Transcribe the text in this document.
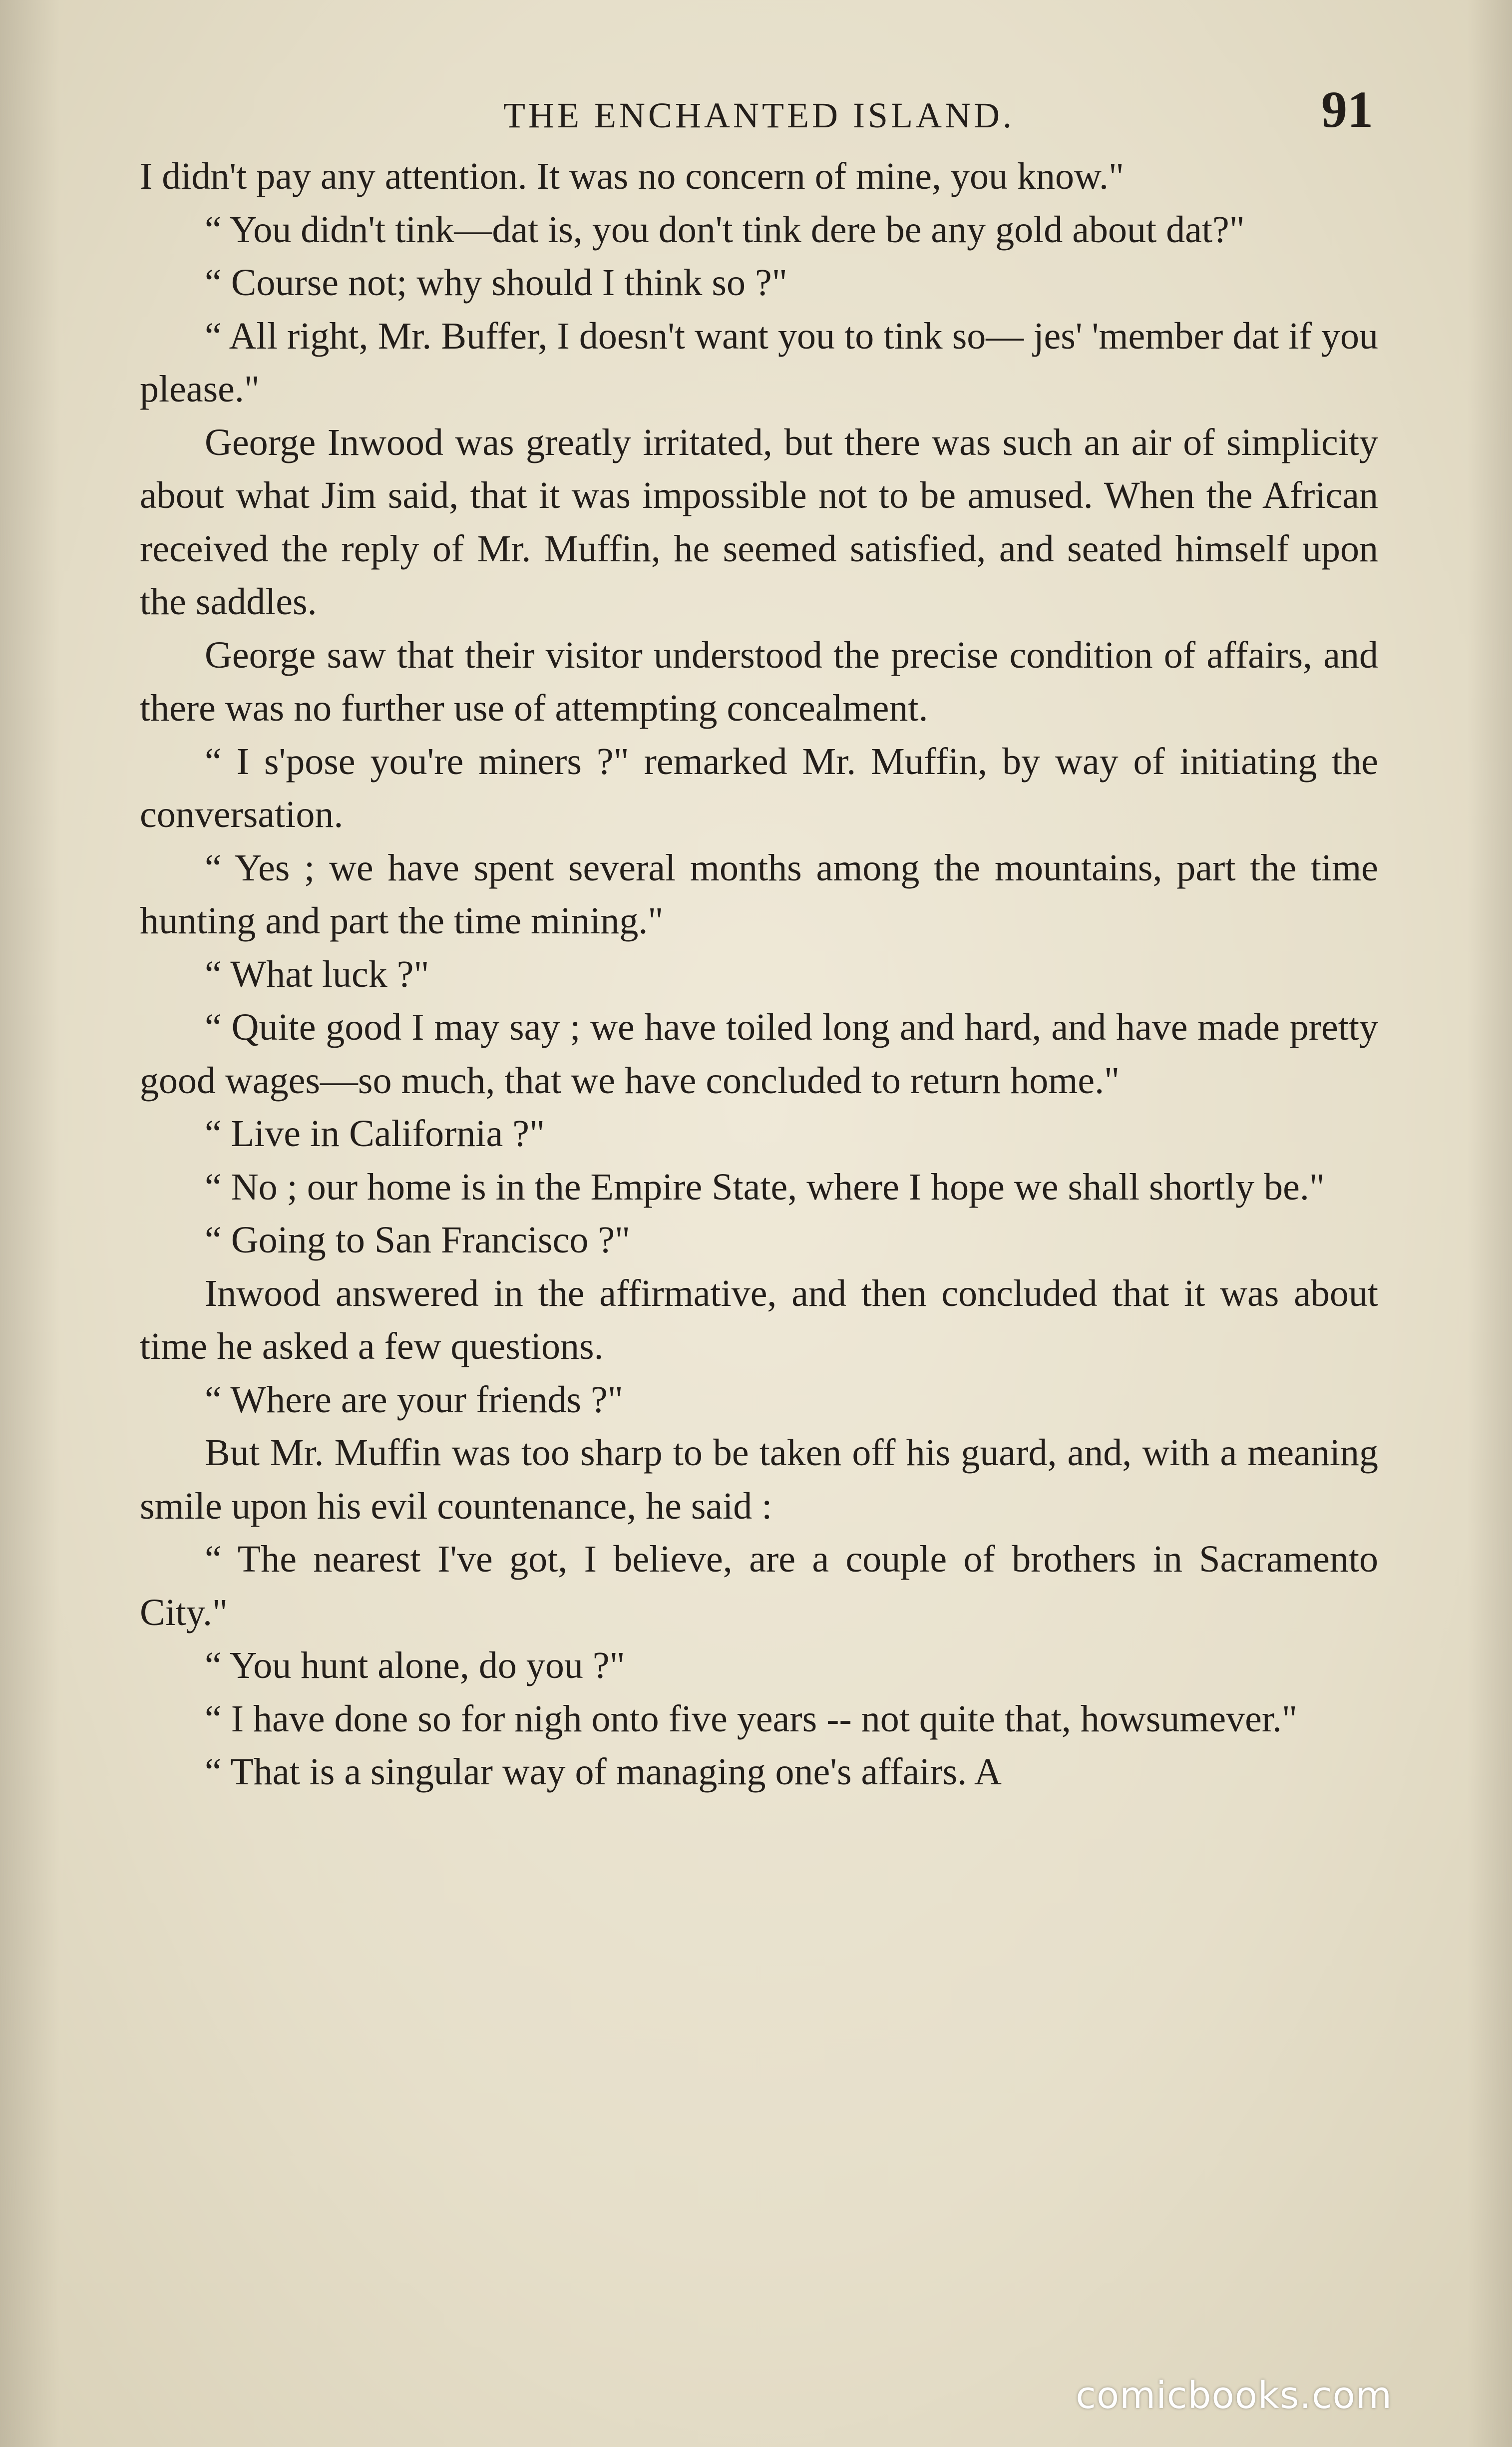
THE ENCHANTED ISLAND.	91

I didn't pay any attention. It was no concern of mine, you know."

“ You didn't tink—dat is, you don't tink dere be any gold about dat?"

“ Course not; why should I think so ?"

“ All right, Mr. Buffer, I doesn't want you to tink so— jes' 'member dat if you please."

George Inwood was greatly irritated, but there was such an air of simplicity about what Jim said, that it was impossible not to be amused. When the African received the reply of Mr. Muffin, he seemed satisfied, and seated himself upon the saddles.

George saw that their visitor understood the precise condition of affairs, and there was no further use of attempting concealment.

“ I s'pose you're miners ?" remarked Mr. Muffin, by way of initiating the conversation.

“ Yes ; we have spent several months among the mountains, part the time hunting and part the time mining."

“ What luck ?"

“ Quite good I may say ; we have toiled long and hard, and have made pretty good wages—so much, that we have concluded to return home."

“ Live in California ?"

“ No ; our home is in the Empire State, where I hope we shall shortly be."

“ Going to San Francisco ?"

Inwood answered in the affirmative, and then concluded that it was about time he asked a few questions.

“ Where are your friends ?"

But Mr. Muffin was too sharp to be taken off his guard, and, with a meaning smile upon his evil countenance, he said :

“ The nearest I've got, I believe, are a couple of brothers in Sacramento City."

“ You hunt alone, do you ?"

“ I have done so for nigh onto five years -- not quite that, howsumever."

“ That is a singular way of managing one's affairs. A

comicbooks.com
